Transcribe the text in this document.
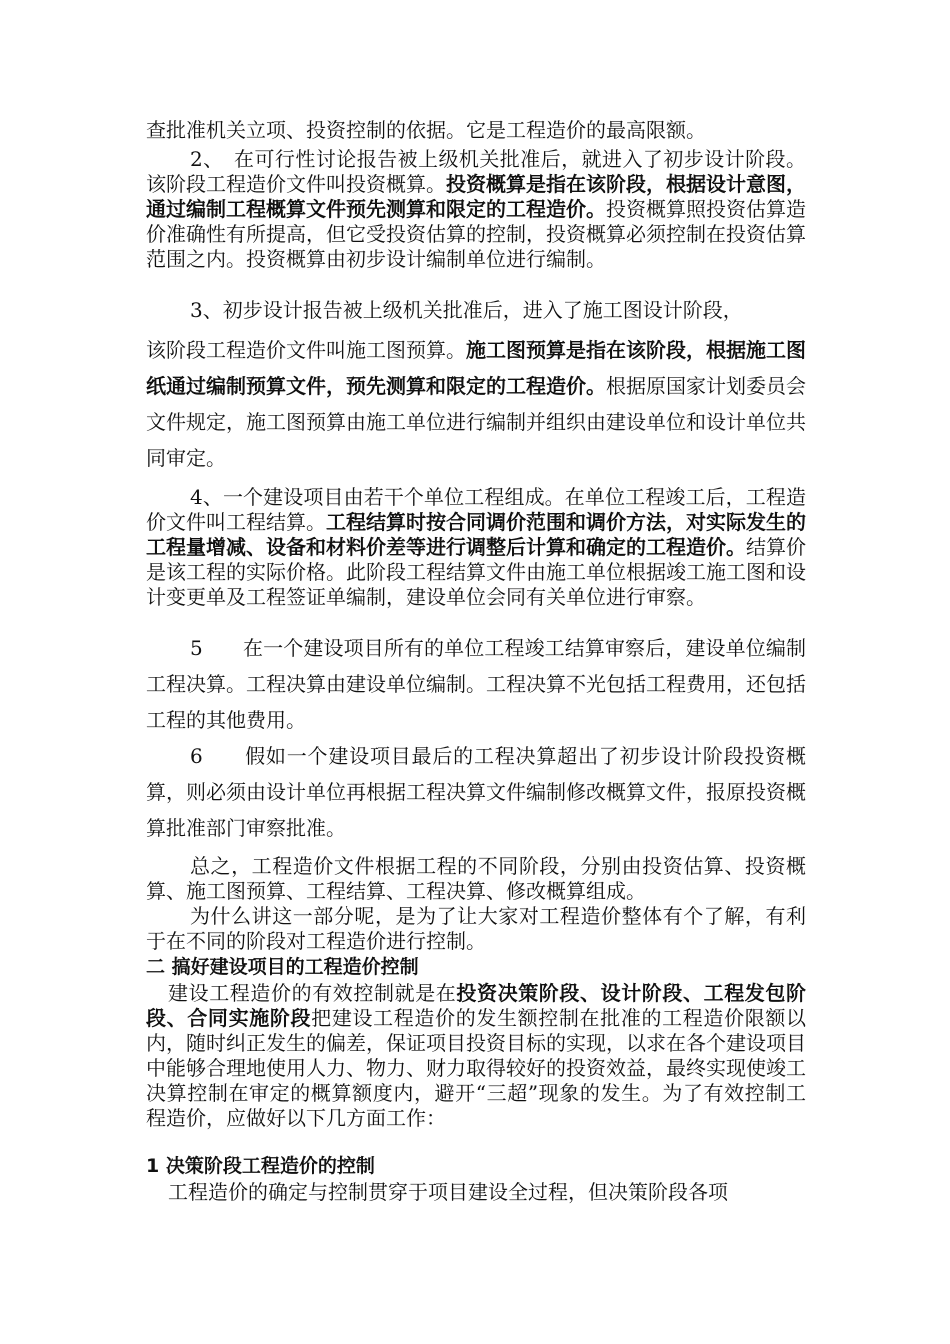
查批准机关立项、投资控制的依据。它是工程造价的最高限额。

2、　在可行性讨论报告被上级机关批准后，就进入了初步设计阶段。该阶段工程造价文件叫投资概算。投资概算是指在该阶段，根据设计意图，通过编制工程概算文件预先测算和限定的工程造价。投资概算照投资估算造价准确性有所提高，但它受投资估算的控制，投资概算必须控制在投资估算范围之内。投资概算由初步设计编制单位进行编制。

3、初步设计报告被上级机关批准后，进入了施工图设计阶段，

该阶段工程造价文件叫施工图预算。施工图预算是指在该阶段，根据施工图纸通过编制预算文件，预先测算和限定的工程造价。根据原国家计划委员会文件规定，施工图预算由施工单位进行编制并组织由建设单位和设计单位共同审定。

4、一个建设项目由若干个单位工程组成。在单位工程竣工后，工程造价文件叫工程结算。工程结算时按合同调价范围和调价方法，对实际发生的工程量增减、设备和材料价差等进行调整后计算和确定的工程造价。结算价是该工程的实际价格。此阶段工程结算文件由施工单位根据竣工施工图和设计变更单及工程签证单编制，建设单位会同有关单位进行审察。

5　　在一个建设项目所有的单位工程竣工结算审察后，建设单位编制工程决算。工程决算由建设单位编制。工程决算不光包括工程费用，还包括工程的其他费用。

6　　假如一个建设项目最后的工程决算超出了初步设计阶段投资概算，则必须由设计单位再根据工程决算文件编制修改概算文件，报原投资概算批准部门审察批准。

总之，工程造价文件根据工程的不同阶段，分别由投资估算、投资概算、施工图预算、工程结算、工程决算、修改概算组成。

为什么讲这一部分呢，是为了让大家对工程造价整体有个了解，有利于在不同的阶段对工程造价进行控制。

二 搞好建设项目的工程造价控制

建设工程造价的有效控制就是在投资决策阶段、设计阶段、工程发包阶段、合同实施阶段把建设工程造价的发生额控制在批准的工程造价限额以内，随时纠正发生的偏差，保证项目投资目标的实现，以求在各个建设项目中能够合理地使用人力、物力、财力取得较好的投资效益，最终实现使竣工决算控制在审定的概算额度内，避开“三超”现象的发生。为了有效控制工程造价，应做好以下几方面工作：

1 决策阶段工程造价的控制

工程造价的确定与控制贯穿于项目建设全过程，但决策阶段各项
